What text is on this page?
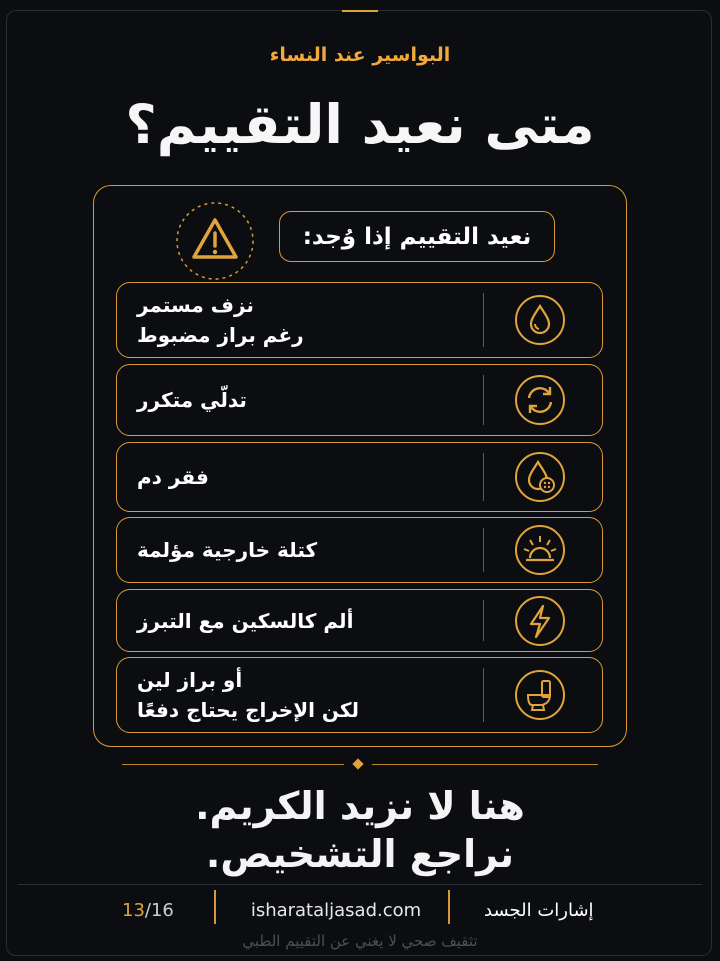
البواسير عند النساء
متى نعيد التقييم؟
نعيد التقييم إذا وُجد:
نزف مستمر
رغم براز مضبوط
تدلّي متكرر
فقر دم
كتلة خارجية مؤلمة
ألم كالسكين مع التبرز
أو براز لين
لكن الإخراج يحتاج دفعًا
هنا لا نزيد الكريم.
نراجع التشخيص.
13 /16	isharataljasad.com	إشارات الجسد
تثقيف صحي لا يغني عن التقييم الطبي
